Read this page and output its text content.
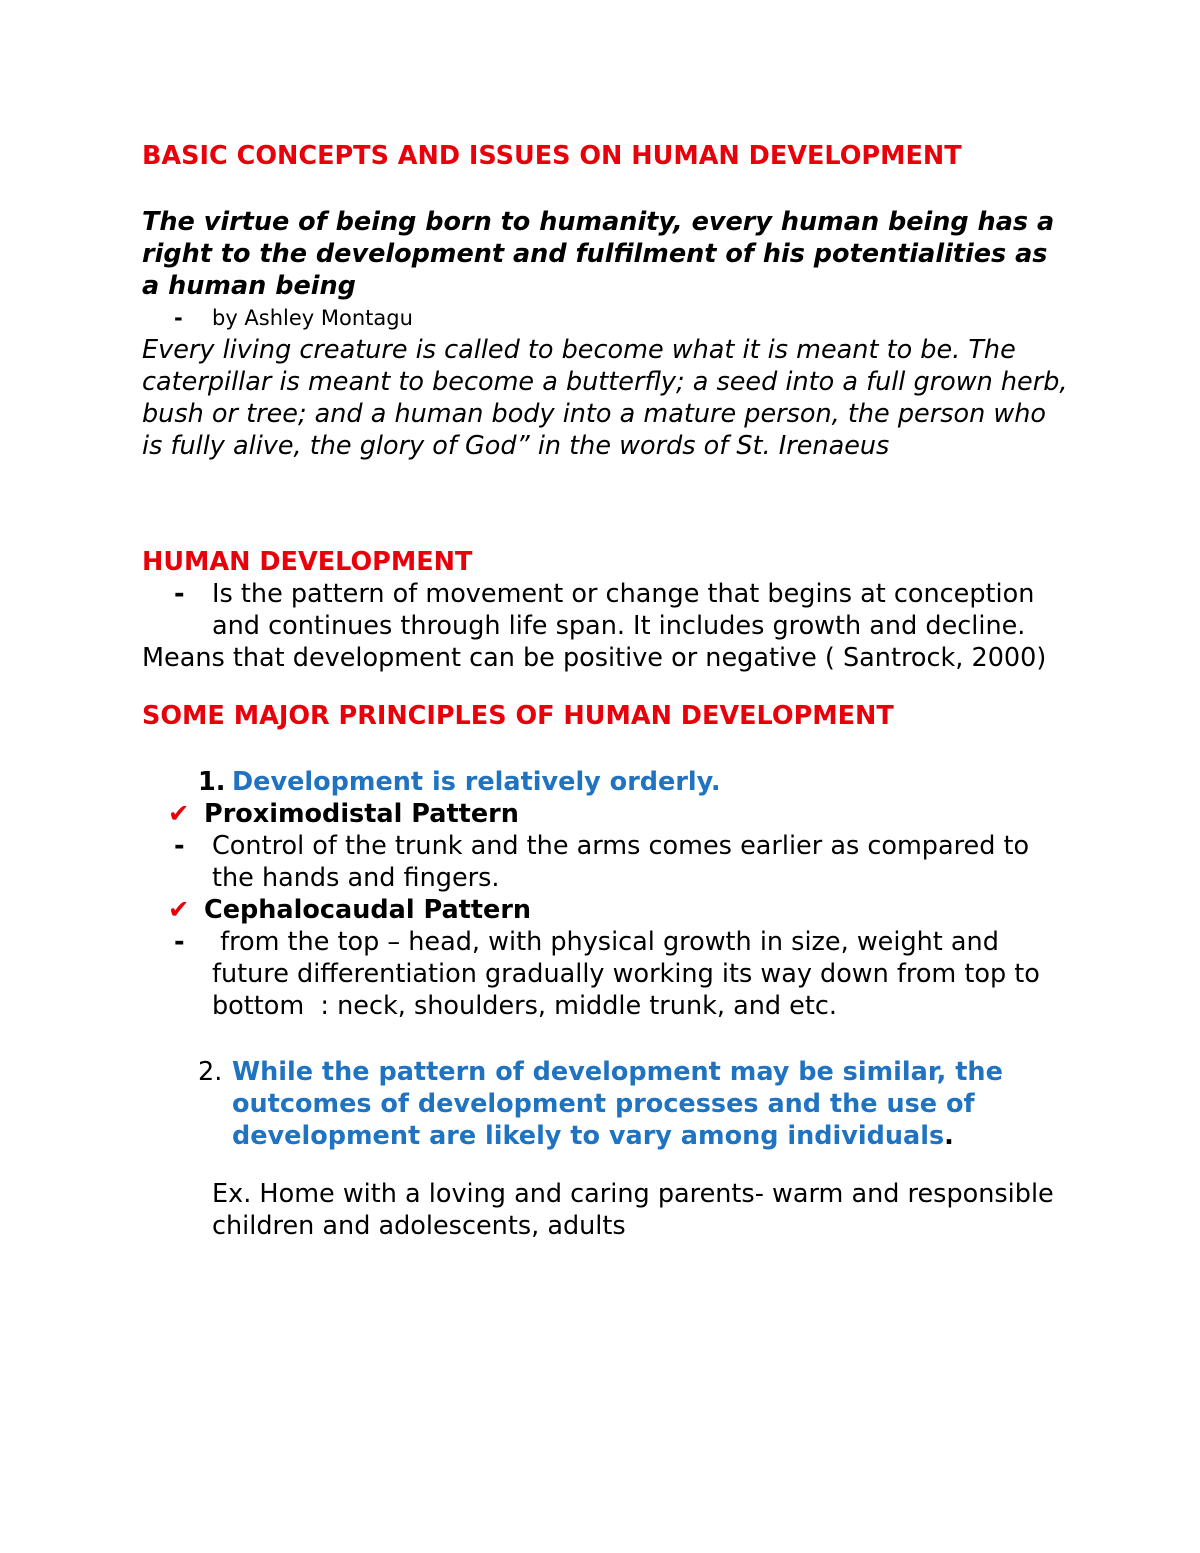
BASIC CONCEPTS AND ISSUES ON HUMAN DEVELOPMENT

The virtue of being born to humanity, every human being has a right to the development and fulfilment of his potentialities as a human being

- by Ashley Montagu

Every living creature is called to become what it is meant to be. The caterpillar is meant to become a butterfly; a seed into a full grown herb, bush or tree; and a human body into a mature person, the person who is fully alive, the glory of God” in the words of St. Irenaeus

HUMAN DEVELOPMENT

- Is the pattern of movement or change that begins at conception and continues through life span. It includes growth and decline.

Means that development can be positive or negative ( Santrock, 2000)

SOME MAJOR PRINCIPLES OF HUMAN DEVELOPMENT

1. Development is relatively orderly.

✔ Proximodistal Pattern

- Control of the trunk and the arms comes earlier as compared to the hands and fingers.

✔ Cephalocaudal Pattern

- from the top – head, with physical growth in size, weight and future differentiation gradually working its way down from top to bottom  : neck, shoulders, middle trunk, and etc.

2. While the pattern of development may be similar, the outcomes of development processes and the use of development are likely to vary among individuals.

Ex. Home with a loving and caring parents- warm and responsible children and adolescents, adults
